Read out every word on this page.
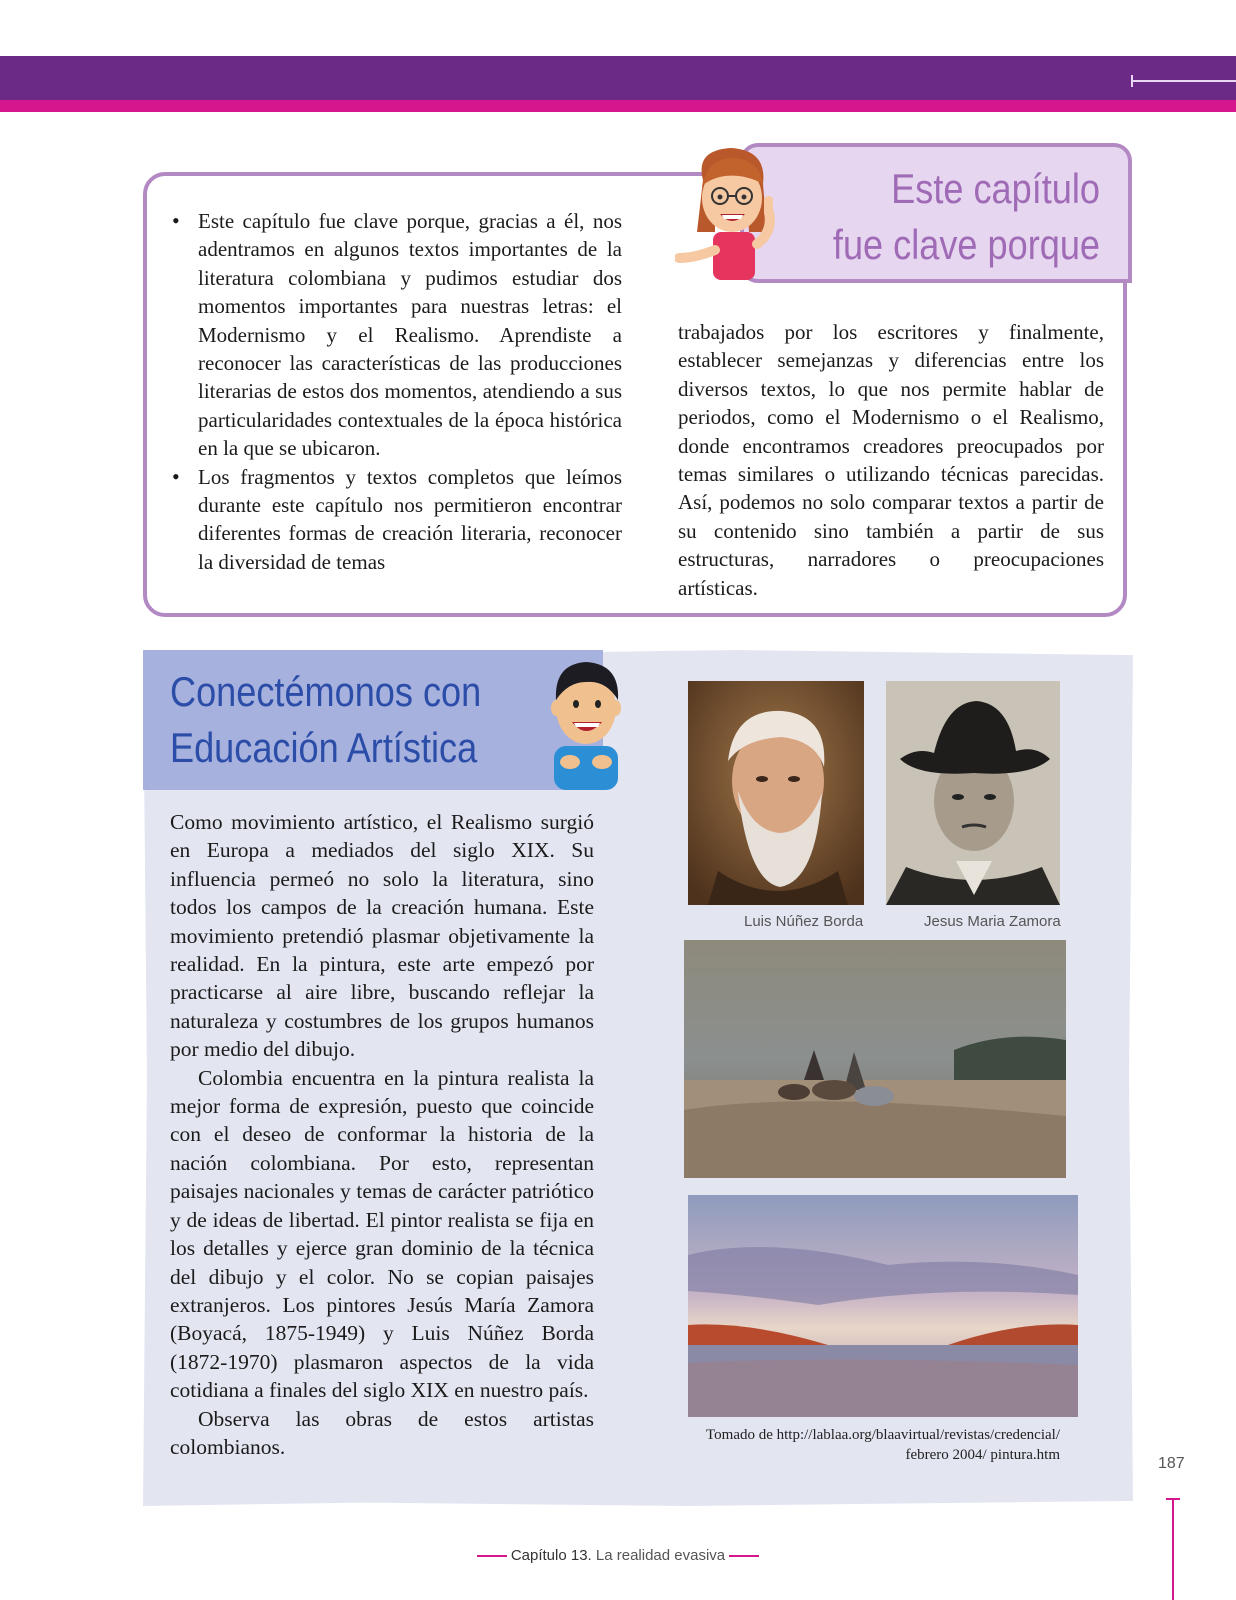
Este capítulo
fue clave porque
• Este capítulo fue clave porque, gracias a él, nos adentramos en algunos textos importantes de la literatura colombiana y pudimos estudiar dos momentos importantes para nuestras letras: el Modernismo y el Realismo. Aprendiste a reconocer las características de las producciones literarias de estos dos momentos, atendiendo a sus particularidades contextuales de la época histórica en la que se ubicaron.

• Los fragmentos y textos completos que leímos durante este capítulo nos permitieron encontrar diferentes formas de creación literaria, reconocer la diversidad de temas

trabajados por los escritores y finalmente, establecer semejanzas y diferencias entre los diversos textos, lo que nos permite hablar de periodos, como el Modernismo o el Realismo, donde encontramos creadores preocupados por temas similares o utilizando técnicas parecidas. Así, podemos no solo comparar textos a partir de su contenido sino también a partir de sus estructuras, narradores o preocupaciones artísticas.

Conectémonos con
Educación Artística

Como movimiento artístico, el Realismo surgió en Europa a mediados del siglo XIX. Su influencia permeó no solo la literatura, sino todos los campos de la creación humana. Este movimiento pretendió plasmar objetivamente la realidad. En la pintura, este arte empezó por practicarse al aire libre, buscando reflejar la naturaleza y costumbres de los grupos humanos por medio del dibujo.

Colombia encuentra en la pintura realista la mejor forma de expresión, puesto que coincide con el deseo de conformar la historia de la nación colombiana. Por esto, representan paisajes nacionales y temas de carácter patriótico y de ideas de libertad. El pintor realista se fija en los detalles y ejerce gran dominio de la técnica del dibujo y el color. No se copian paisajes extranjeros. Los pintores Jesús María Zamora (Boyacá, 1875-1949) y Luis Núñez Borda (1872-1970) plasmaron aspectos de la vida cotidiana a finales del siglo XIX en nuestro país.

Observa las obras de estos artistas colombianos.

Luis Núñez Borda	Jesus Maria Zamora
Tomado de http://lablaa.org/blaavirtual/revistas/credencial/
febrero 2004/ pintura.htm	187
Capítulo 13. La realidad evasiva
